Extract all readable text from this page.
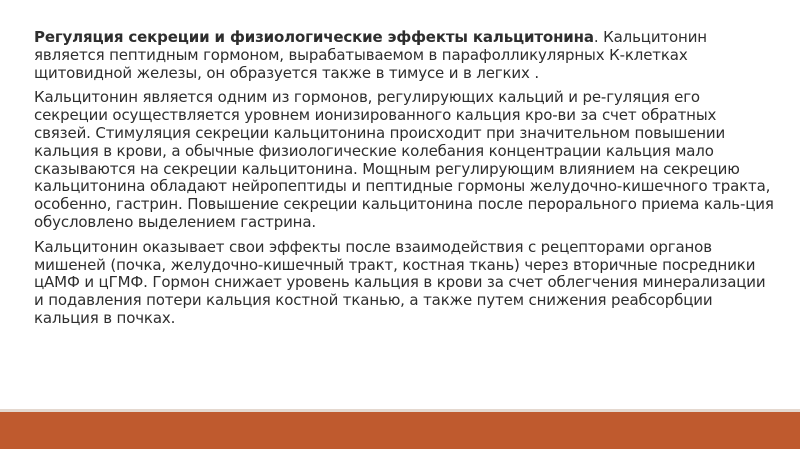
Регуляция секреции и физиологические эффекты кальцитонина. Кальцитонин является пептидным гормоном, вырабатываемом в парафолликулярных К-клетках щитовидной железы, он образуется также в тимусе и в легких .

Кальцитонин является одним из гормонов, регулирующих кальций и ре-гуляция его секреции осуществляется уровнем ионизированного кальция кро-ви за счет обратных связей. Стимуляция секреции кальцитонина происходит при значительном повышении кальция в крови, а обычные физиологические колебания концентрации кальция мало сказываются на секреции кальцитонина. Мощным регулирующим влиянием на секрецию кальцитонина обладают нейропептиды и пептидные гормоны желудочно-кишечного тракта, особенно, гастрин. Повышение секреции кальцитонина после перорального приема каль-ция обусловлено выделением гастрина.

Кальцитонин оказывает свои эффекты после взаимодействия с рецепторами органов мишеней (почка, желудочно-кишечный тракт, костная ткань) через вторичные посредники цАМФ и цГМФ. Гормон снижает уровень кальция в крови за счет облегчения минерализации и подавления потери кальция костной тканью, а также путем снижения реабсорбции кальция в почках.
